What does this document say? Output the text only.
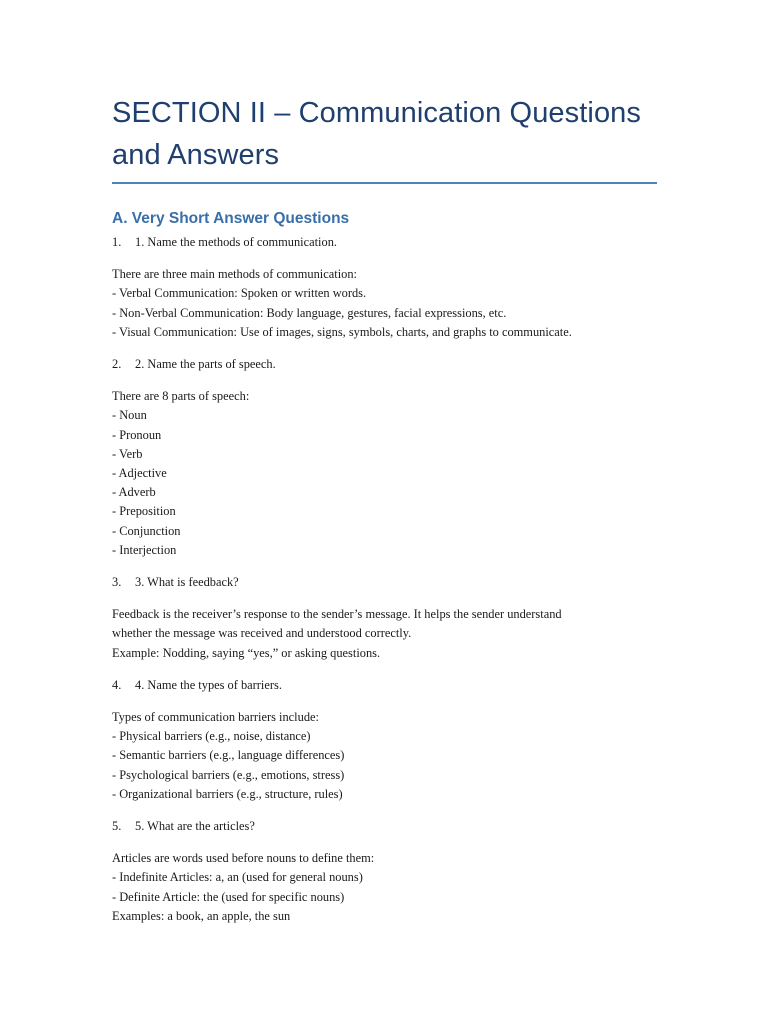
SECTION II – Communication Questions
and Answers
A. Very Short Answer Questions
1.	1. Name the methods of communication.
There are three main methods of communication:
- Verbal Communication: Spoken or written words.
- Non-Verbal Communication: Body language, gestures, facial expressions, etc.
- Visual Communication: Use of images, signs, symbols, charts, and graphs to communicate.
2.	2. Name the parts of speech.
There are 8 parts of speech:
- Noun
- Pronoun
- Verb
- Adjective
- Adverb
- Preposition
- Conjunction
- Interjection
3.	3. What is feedback?
Feedback is the receiver’s response to the sender’s message. It helps the sender understand
whether the message was received and understood correctly.
Example: Nodding, saying “yes,” or asking questions.
4.	4. Name the types of barriers.
Types of communication barriers include:
- Physical barriers (e.g., noise, distance)
- Semantic barriers (e.g., language differences)
- Psychological barriers (e.g., emotions, stress)
- Organizational barriers (e.g., structure, rules)
5.	5. What are the articles?
Articles are words used before nouns to define them:
- Indefinite Articles: a, an (used for general nouns)
- Definite Article: the (used for specific nouns)
Examples: a book, an apple, the sun
